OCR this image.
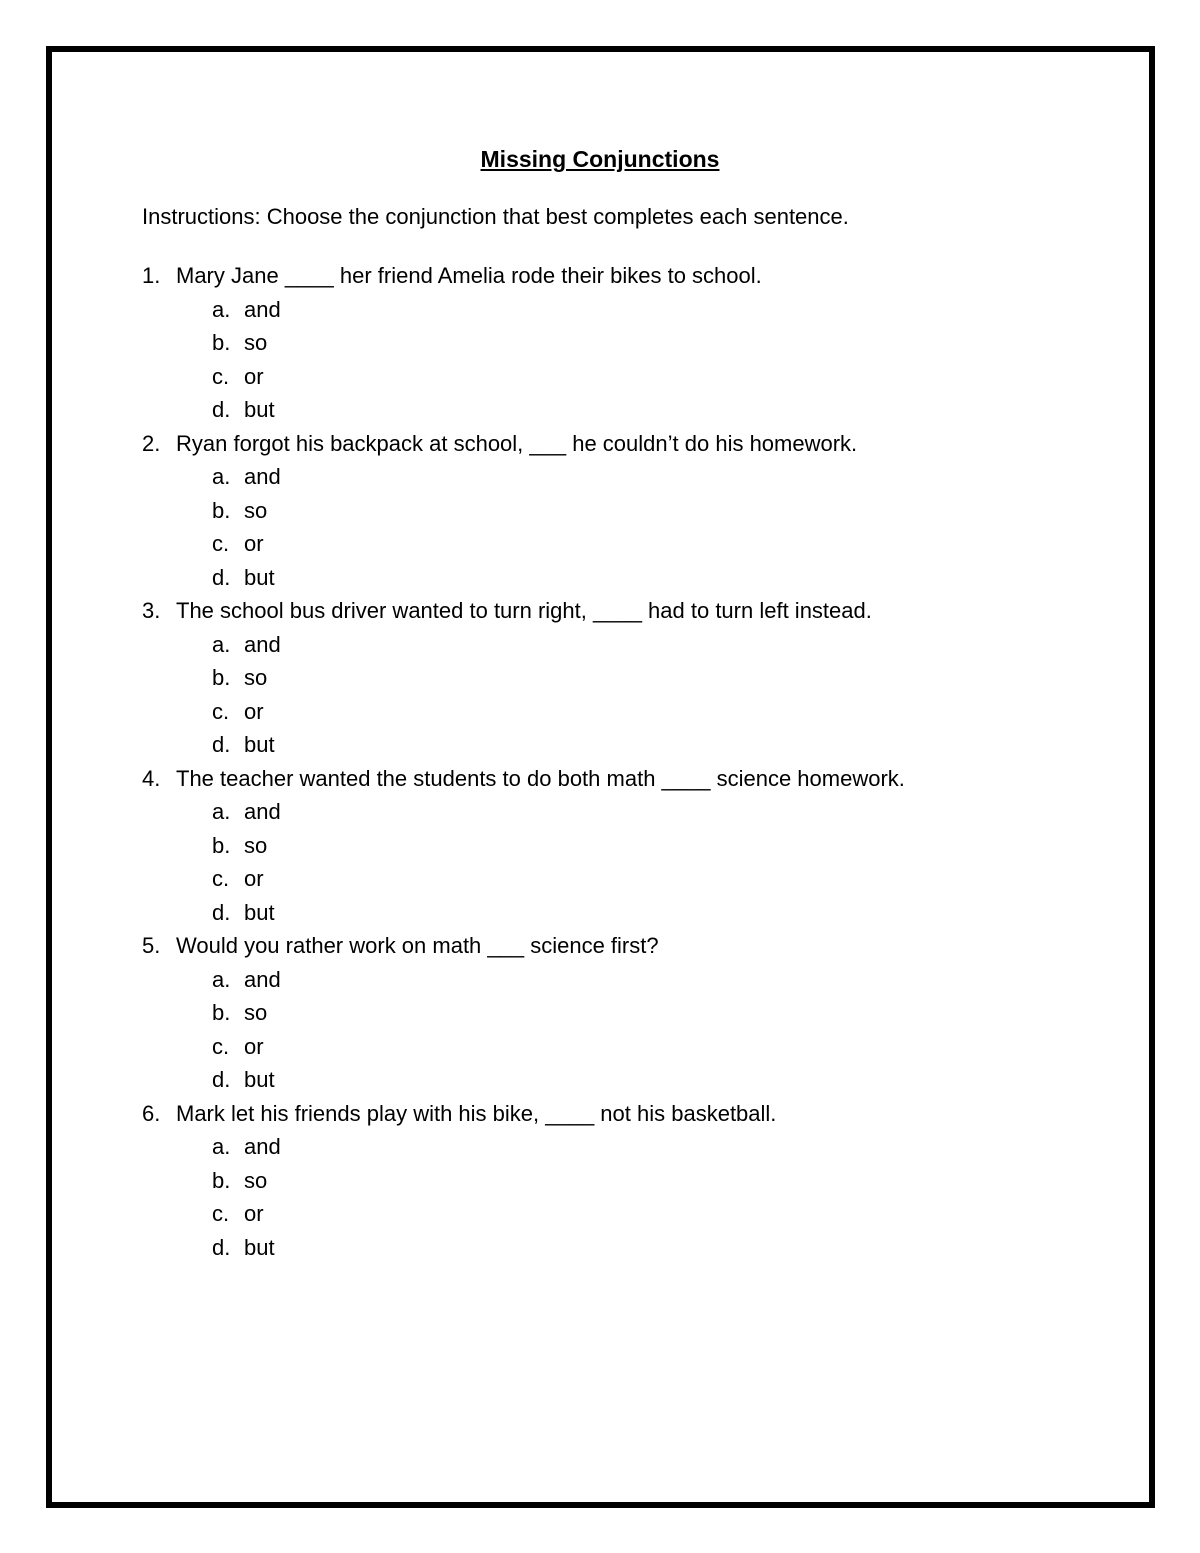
Missing Conjunctions
Instructions: Choose the conjunction that best completes each sentence.
1. Mary Jane ____ her friend Amelia rode their bikes to school.
a. and
b. so
c. or
d. but
2. Ryan forgot his backpack at school, ___ he couldn’t do his homework.
a. and
b. so
c. or
d. but
3. The school bus driver wanted to turn right, ____ had to turn left instead.
a. and
b. so
c. or
d. but
4. The teacher wanted the students to do both math ____ science homework.
a. and
b. so
c. or
d. but
5. Would you rather work on math ___ science first?
a. and
b. so
c. or
d. but
6. Mark let his friends play with his bike, ____ not his basketball.
a. and
b. so
c. or
d. but
